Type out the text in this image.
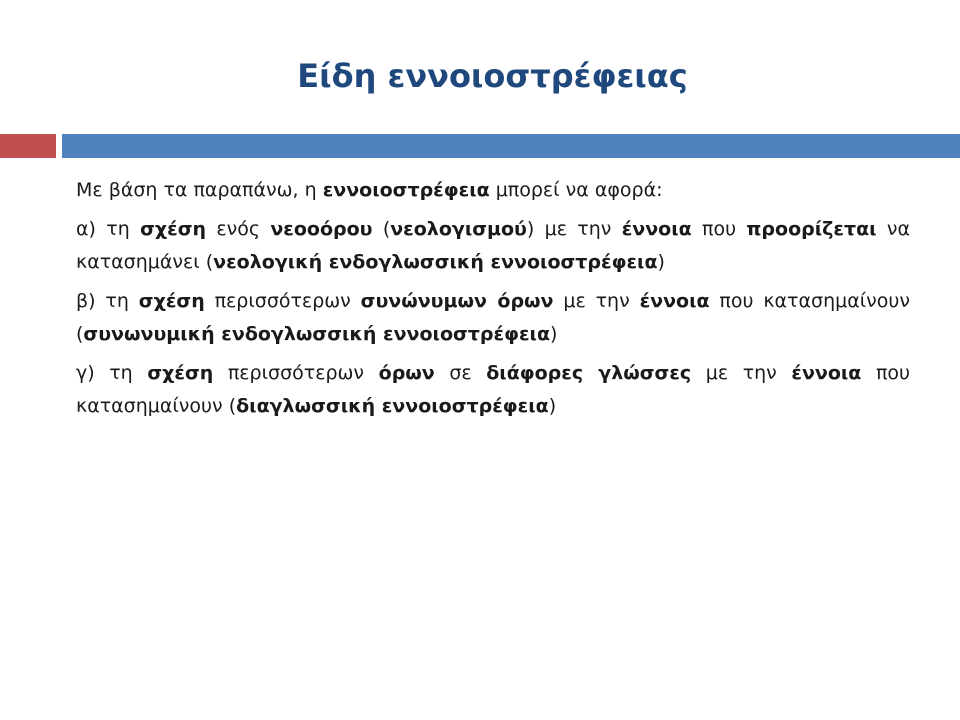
Είδη εννοιοστρέφειας

Με βάση τα παραπάνω, η εννοιοστρέφεια μπορεί να αφορά:

α) τη σχέση ενός νεοοόρου (νεολογισμού) με την έννοια που προορίζεται να κατασημάνει (νεολογική ενδογλωσσική εννοιοστρέφεια)

β) τη σχέση περισσότερων συνώνυμων όρων με την έννοια που κατασημαίνουν (συνωνυμική ενδογλωσσική εννοιοστρέφεια)

γ) τη σχέση περισσότερων όρων σε διάφορες γλώσσες με την έννοια που κατασημαίνουν (διαγλωσσική εννοιοστρέφεια)
